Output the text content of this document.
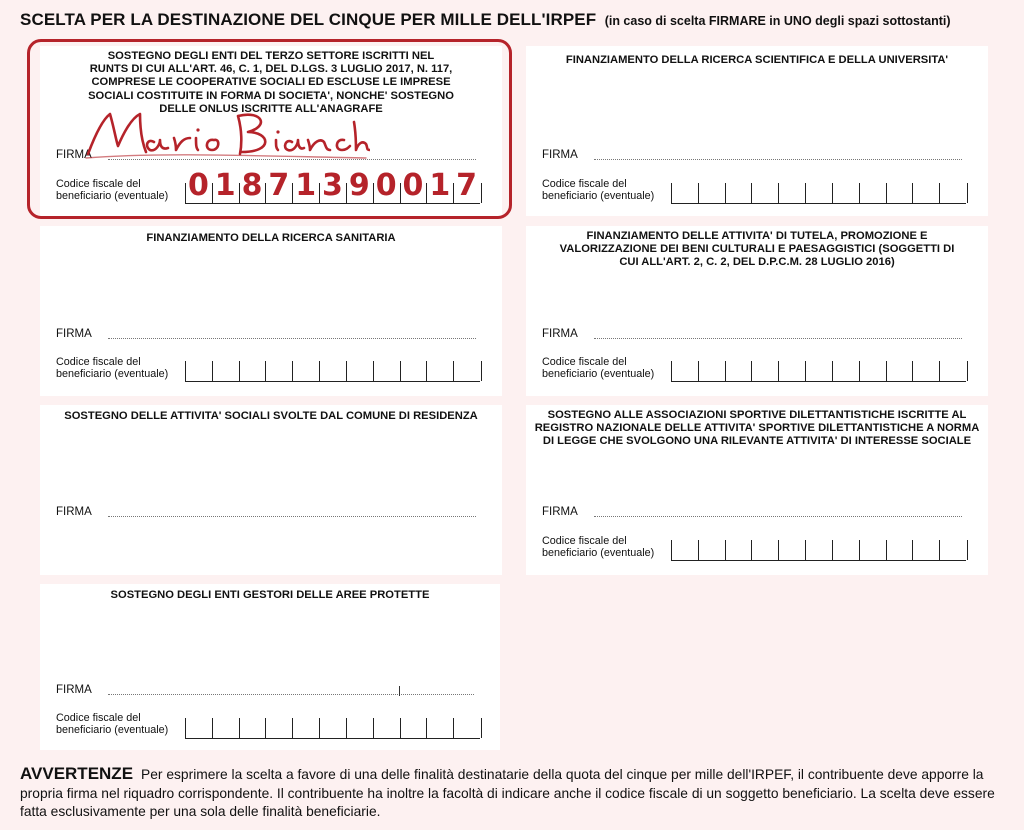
SCELTA PER LA DESTINAZIONE DEL CINQUE PER MILLE DELL'IRPEF (in caso di scelta FIRMARE in UNO degli spazi sottostanti)
SOSTEGNO DEGLI ENTI DEL TERZO SETTORE ISCRITTI NEL RUNTS DI CUI ALL'ART. 46, C. 1, DEL D.LGS. 3 LUGLIO 2017, N. 117, COMPRESE LE COOPERATIVE SOCIALI ED ESCLUSE LE IMPRESE SOCIALI COSTITUITE IN FORMA DI SOCIETA', NONCHE' SOSTEGNO DELLE ONLUS ISCRITTE ALL'ANAGRAFE
FIRMA
Codice fiscale del
beneficiario (eventuale) 0 1 8 7 1 3 9 0 0 1 7
FINANZIAMENTO DELLA RICERCA SCIENTIFICA E DELLA UNIVERSITA'
FIRMA
Codice fiscale del
beneficiario (eventuale)
FINANZIAMENTO DELLA RICERCA SANITARIA
FIRMA
Codice fiscale del
beneficiario (eventuale)
FINANZIAMENTO DELLE ATTIVITA' DI TUTELA, PROMOZIONE E VALORIZZAZIONE DEI BENI CULTURALI E PAESAGGISTICI (SOGGETTI DI CUI ALL'ART. 2, C. 2, DEL D.P.C.M. 28 LUGLIO 2016)
FIRMA
Codice fiscale del
beneficiario (eventuale)
SOSTEGNO DELLE ATTIVITA' SOCIALI SVOLTE DAL COMUNE DI RESIDENZA
FIRMA
SOSTEGNO ALLE ASSOCIAZIONI SPORTIVE DILETTANTISTICHE ISCRITTE AL REGISTRO NAZIONALE DELLE ATTIVITA' SPORTIVE DILETTANTISTICHE A NORMA DI LEGGE CHE SVOLGONO UNA RILEVANTE ATTIVITA' DI INTERESSE SOCIALE
FIRMA
Codice fiscale del
beneficiario (eventuale)
SOSTEGNO DEGLI ENTI GESTORI DELLE AREE PROTETTE
FIRMA
Codice fiscale del
beneficiario (eventuale)
AVVERTENZE Per esprimere la scelta a favore di una delle finalità destinatarie della quota del cinque per mille dell'IRPEF, il contribuente deve apporre la propria firma nel riquadro corrispondente. Il contribuente ha inoltre la facoltà di indicare anche il codice fiscale di un soggetto beneficiario. La scelta deve essere fatta esclusivamente per una sola delle finalità beneficiarie.
